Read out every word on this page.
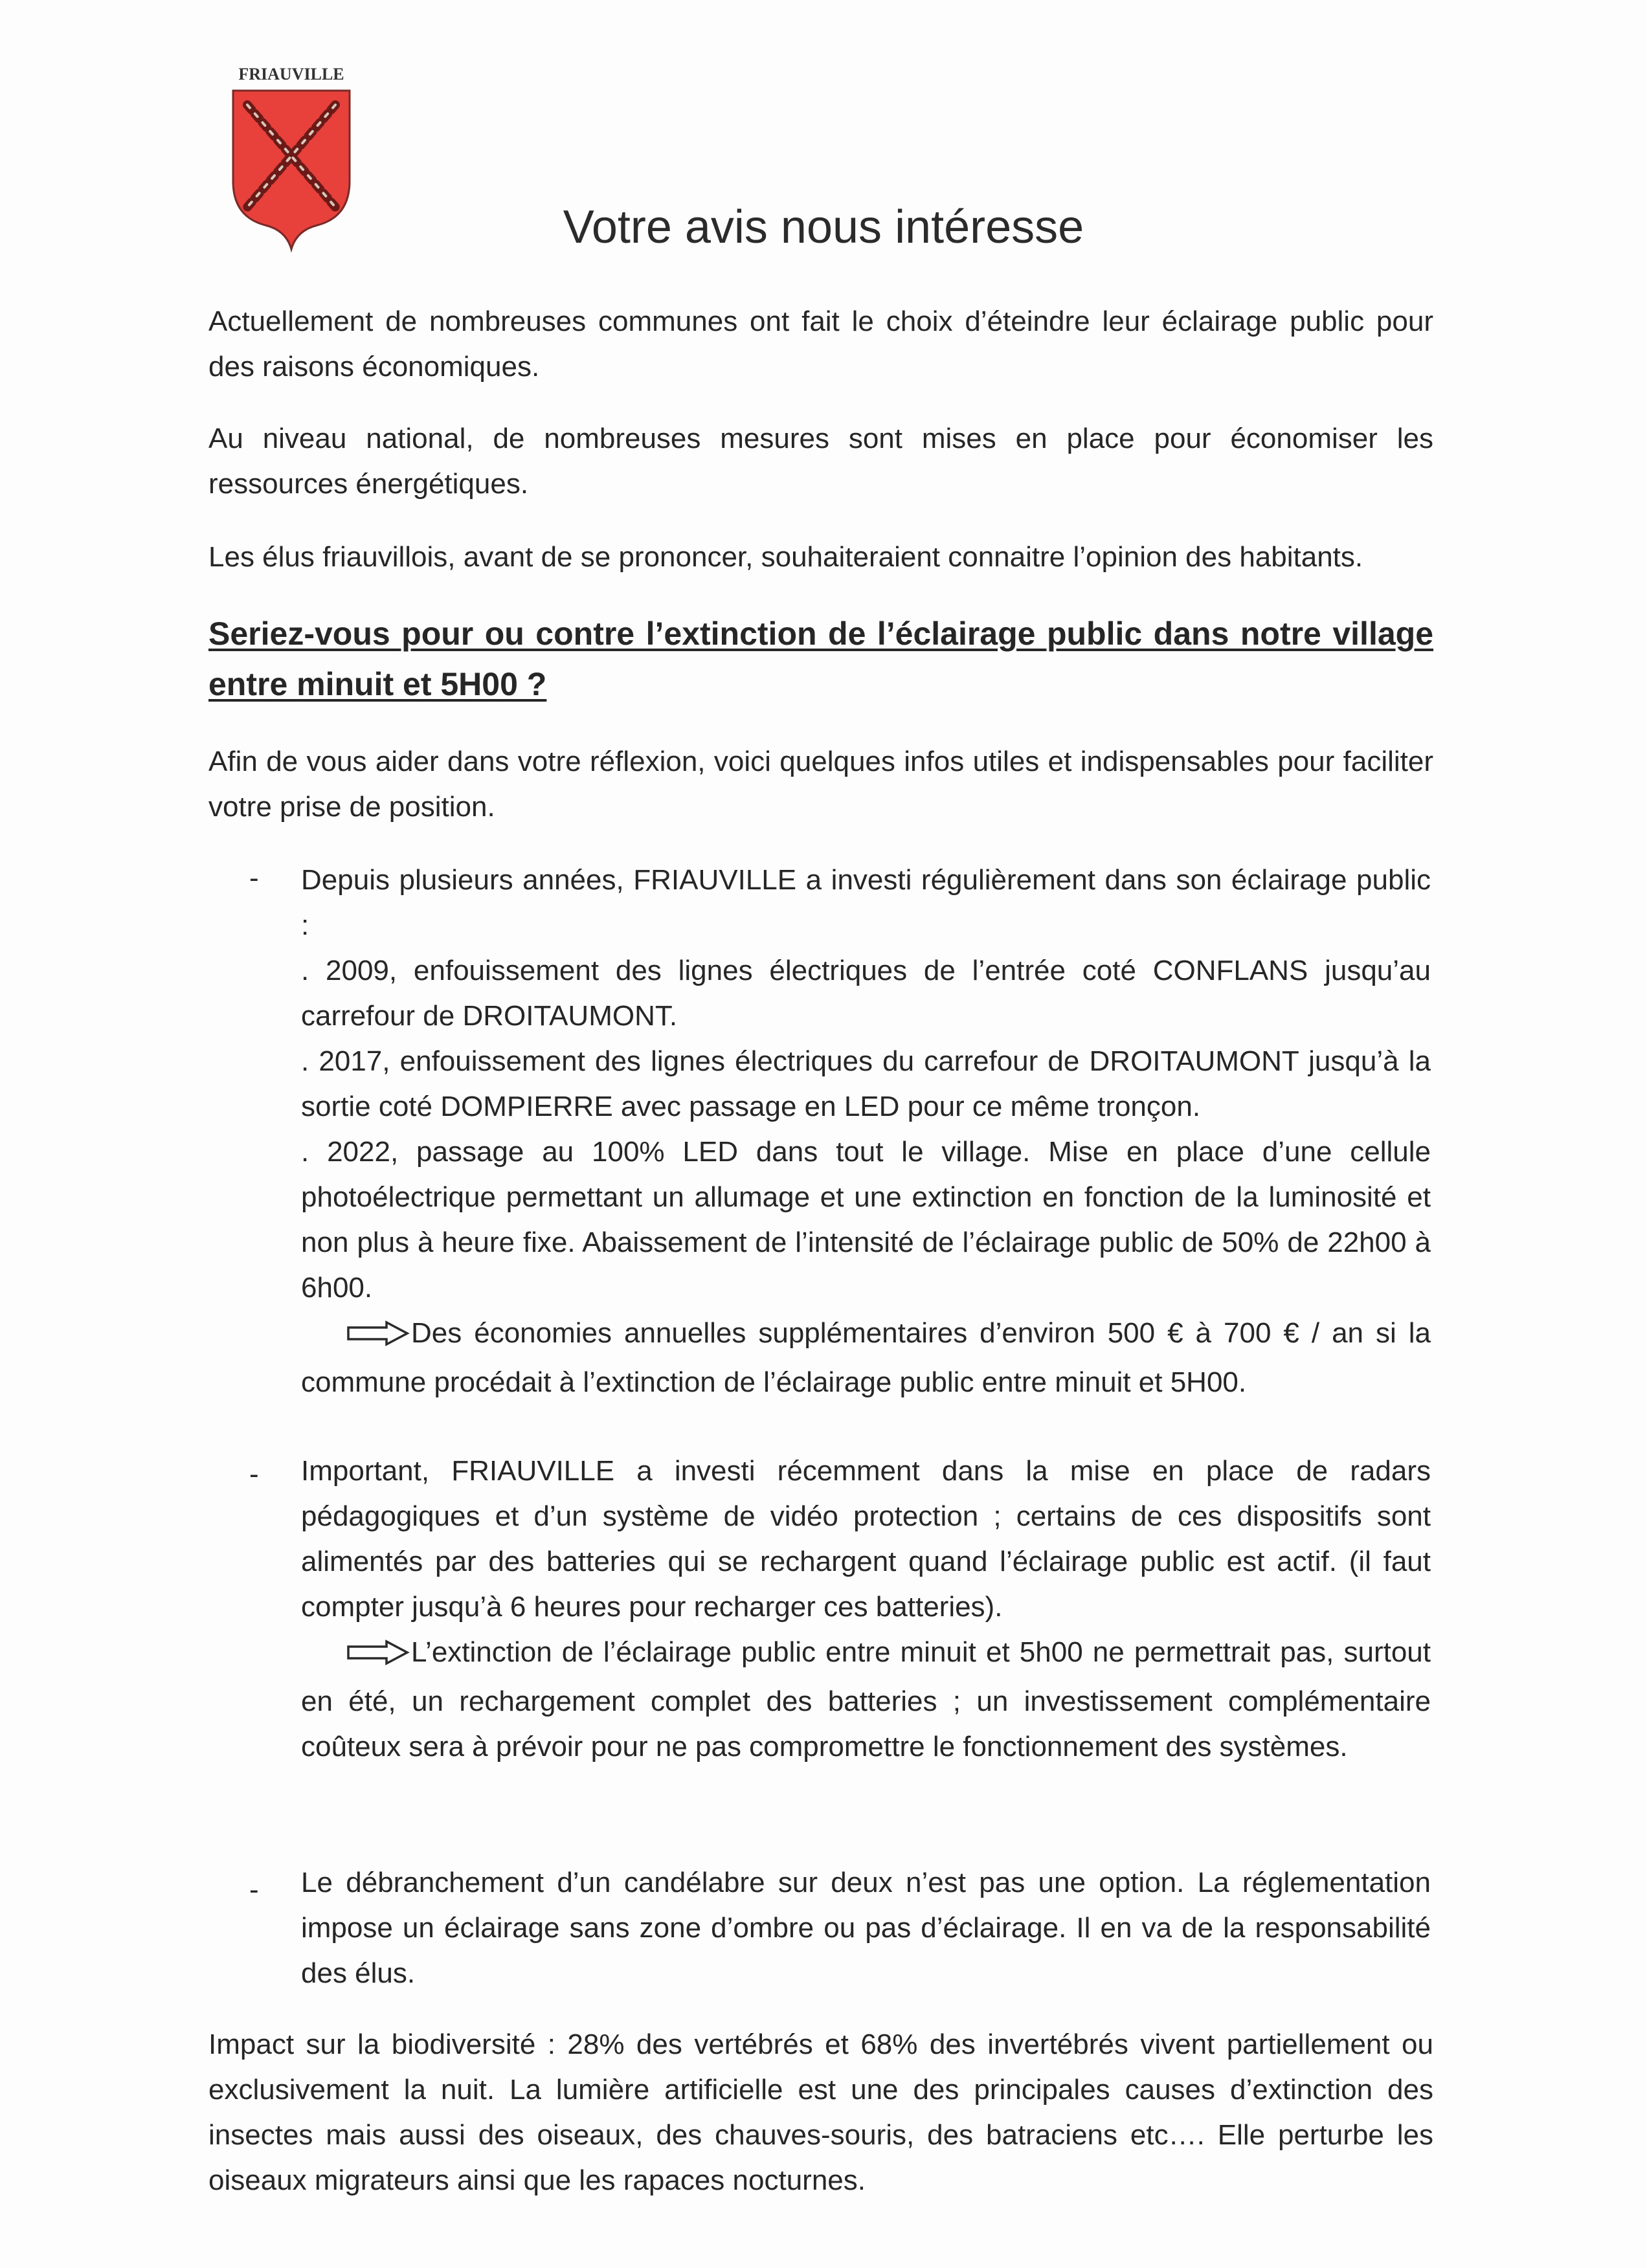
FRIAUVILLE
Votre avis nous intéresse
Actuellement de nombreuses communes ont fait le choix d’éteindre leur éclairage public pour des raisons économiques.
Au niveau national, de nombreuses mesures sont mises en place pour économiser les ressources énergétiques.
Les élus friauvillois, avant de se prononcer, souhaiteraient connaitre l’opinion des habitants.
Seriez-vous pour ou contre l’extinction de l’éclairage public dans notre village entre minuit et 5H00 ?
Afin de vous aider dans votre réflexion, voici quelques infos utiles et indispensables pour faciliter votre prise de position.
- Depuis plusieurs années, FRIAUVILLE a investi régulièrement dans son éclairage public :
. 2009, enfouissement des lignes électriques de l’entrée coté CONFLANS jusqu’au carrefour de DROITAUMONT.
. 2017, enfouissement des lignes électriques du carrefour de DROITAUMONT jusqu’à la sortie coté DOMPIERRE avec passage en LED pour ce même tronçon.
. 2022, passage au 100% LED dans tout le village. Mise en place d’une cellule photoélectrique permettant un allumage et une extinction en fonction de la luminosité et non plus à heure fixe. Abaissement de l’intensité de l’éclairage public de 50% de 22h00 à 6h00.
Des économies annuelles supplémentaires d’environ 500 € à 700 € / an si la commune procédait à l’extinction de l’éclairage public entre minuit et 5H00.
- Important, FRIAUVILLE a investi récemment dans la mise en place de radars pédagogiques et d’un système de vidéo protection ; certains de ces dispositifs sont alimentés par des batteries qui se rechargent quand l’éclairage public est actif. (il faut compter jusqu’à 6 heures pour recharger ces batteries).
L’extinction de l’éclairage public entre minuit et 5h00 ne permettrait pas, surtout en été, un rechargement complet des batteries ; un investissement complémentaire coûteux sera à prévoir pour ne pas compromettre le fonctionnement des systèmes.
- Le débranchement d’un candélabre sur deux n’est pas une option. La réglementation impose un éclairage sans zone d’ombre ou pas d’éclairage. Il en va de la responsabilité des élus.
Impact sur la biodiversité : 28% des vertébrés et 68% des invertébrés vivent partiellement ou exclusivement la nuit. La lumière artificielle est une des principales causes d’extinction des insectes mais aussi des oiseaux, des chauves-souris, des batraciens etc…. Elle perturbe les oiseaux migrateurs ainsi que les rapaces nocturnes.
